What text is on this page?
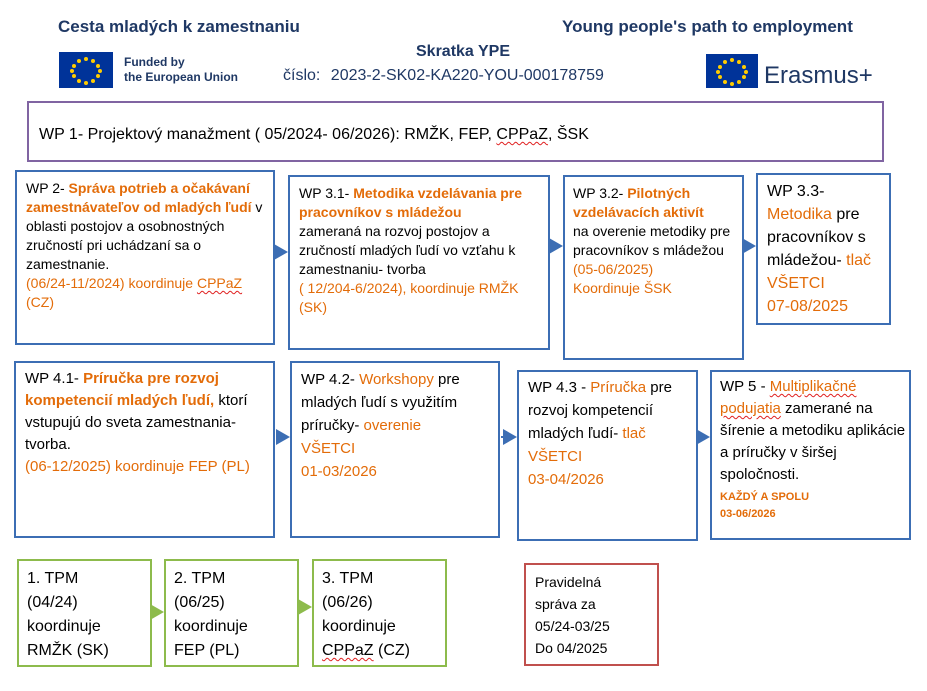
Cesta mladých k zamestnaniu	Young people's path to employment
Skratka YPE
číslo: 2023-2-SK02-KA220-YOU-000178759
Funded by
the European Union	Erasmus+
WP 1- Projektový manažment ( 05/2024- 06/2026): RMŽK, FEP, CPPaZ, ŠSK
WP 2- Správa potrieb a očakávaní zamestnávateľov od mladých ľudí v oblasti postojov a osobnostných zručností pri uchádzaní sa o zamestnanie.
(06/24-11/2024) koordinuje CPPaZ (CZ)
WP 3.1- Metodika vzdelávania pre pracovníkov s mládežou
zameraná na rozvoj postojov a zručností mladých ľudí vo vzťahu k zamestnaniu- tvorba
( 12/204-6/2024), koordinuje RMŽK (SK)
WP 3.2- Pilotných vzdelávacích aktivít
na overenie metodiky pre pracovníkov s mládežou
(05-06/2025)
Koordinuje ŠSK
WP 3.3-
Metodika pre pracovníkov s mládežou- tlač
VŠETCI
07-08/2025
WP 4.1- Príručka pre rozvoj kompetencií mladých ľudí, ktorí vstupujú do sveta zamestnania- tvorba.
(06-12/2025) koordinuje FEP (PL)
WP 4.2- Workshopy pre mladých ľudí s využitím príručky- overenie
VŠETCI
01-03/2026
WP 4.3 - Príručka pre rozvoj kompetencií mladých ľudí- tlač
VŠETCI
03-04/2026
WP 5 - Multiplikačné podujatia zamerané na šírenie a metodiku aplikácie a príručky v širšej spoločnosti.
KAŽDÝ A SPOLU
03-06/2026
1. TPM
(04/24)
koordinuje
RMŽK (SK)
2. TPM
(06/25)
koordinuje
FEP (PL)
3. TPM
(06/26)
koordinuje
CPPaZ (CZ)
Pravidelná
správa za
05/24-03/25
Do 04/2025
